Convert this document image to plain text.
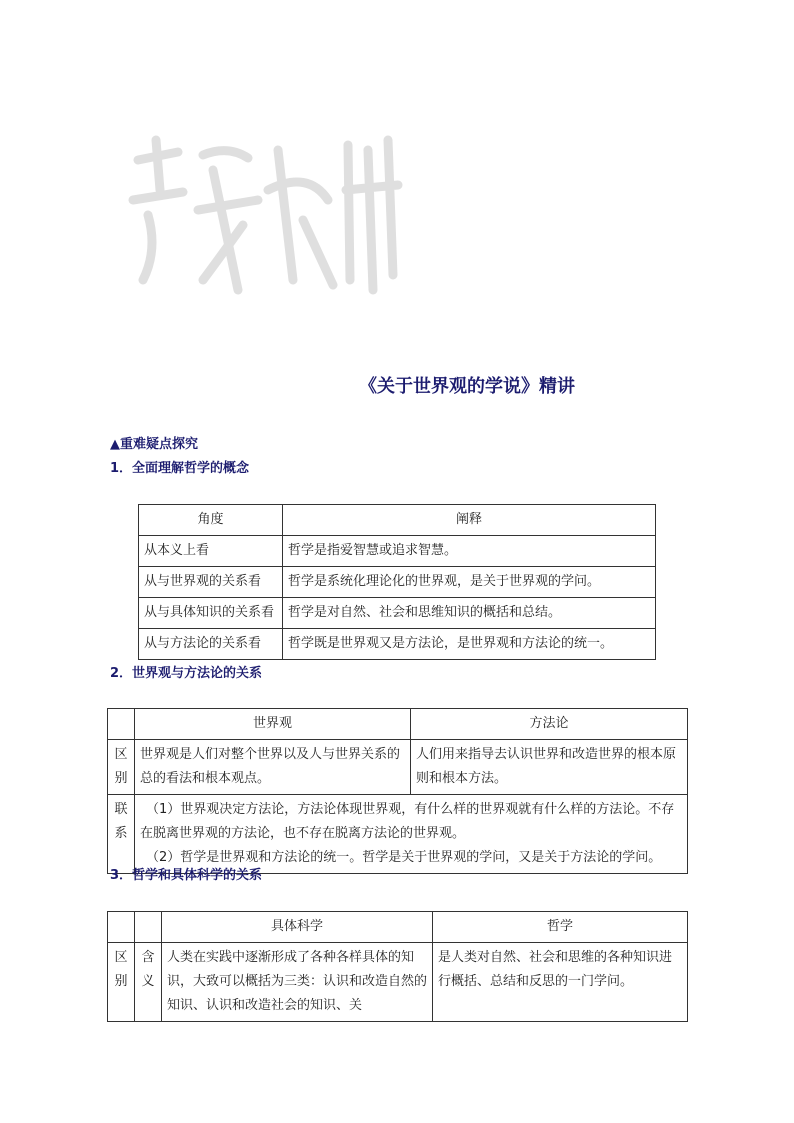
《关于世界观的学说》精讲
▲重难疑点探究
1．全面理解哲学的概念
角度	阐释
从本义上看	哲学是指爱智慧或追求智慧。
从与世界观的关系看	哲学是系统化理论化的世界观，是关于世界观的学问。
从与具体知识的关系看	哲学是对自然、社会和思维知识的概括和总结。
从与方法论的关系看	哲学既是世界观又是方法论，是世界观和方法论的统一。
2．世界观与方法论的关系
	世界观	方法论
区别	世界观是人们对整个世界以及人与世界关系的总的看法和根本观点。	人们用来指导去认识世界和改造世界的根本原则和根本方法。
联系	（1）世界观决定方法论，方法论体现世界观，有什么样的世界观就有什么样的方法论。不存在脱离世界观的方法论，也不存在脱离方法论的世界观。
（2）哲学是世界观和方法论的统一。哲学是关于世界观的学问，又是关于方法论的学问。	
3．哲学和具体科学的关系
		具体科学	哲学
区别	含义	人类在实践中逐渐形成了各种各样具体的知识，大致可以概括为三类：认识和改造自然的知识、认识和改造社会的知识、关	是人类对自然、社会和思维的各种知识进行概括、总结和反思的一门学问。
